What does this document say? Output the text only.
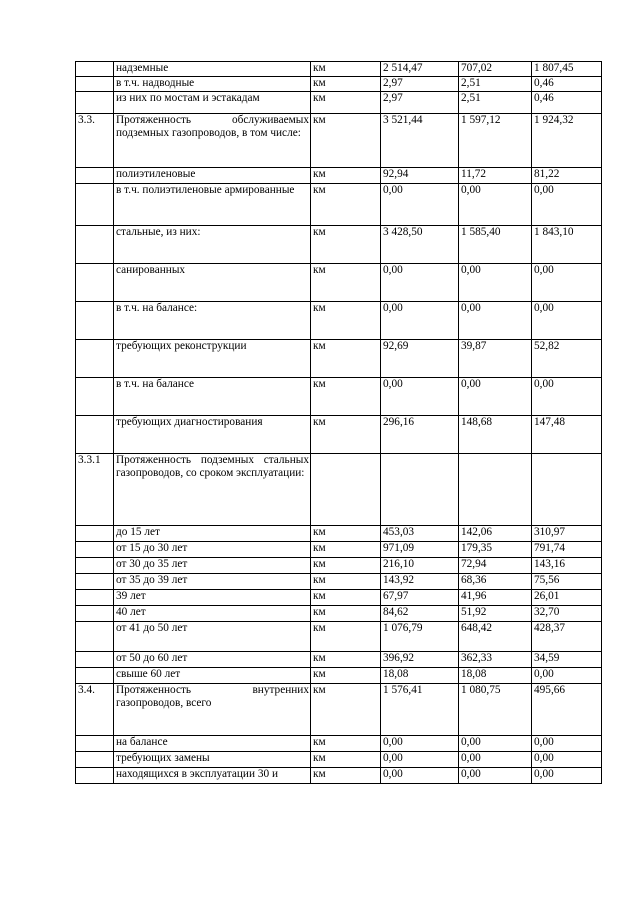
	надземные	км	2 514,47	707,02	1 807,45
	в т.ч. надводные	км	2,97	2,51	0,46
	из них по мостам и эстакадам	км	2,97	2,51	0,46
3.3.	Протяженность обслуживаемых подземных газопроводов, в том числе:	км	3 521,44	1 597,12	1 924,32
	полиэтиленовые	км	92,94	11,72	81,22
	в т.ч. полиэтиленовые армированные	км	0,00	0,00	0,00
	стальные, из них:	км	3 428,50	1 585,40	1 843,10
	санированных	км	0,00	0,00	0,00
	в т.ч. на балансе:	км	0,00	0,00	0,00
	требующих реконструкции	км	92,69	39,87	52,82
	в т.ч. на балансе	км	0,00	0,00	0,00
	требующих диагностирования	км	296,16	148,68	147,48
3.3.1	Протяженность подземных стальных газопроводов, со сроком эксплуатации:				
	до 15 лет	км	453,03	142,06	310,97
	от 15 до 30 лет	км	971,09	179,35	791,74
	от 30 до 35 лет	км	216,10	72,94	143,16
	от 35 до 39 лет	км	143,92	68,36	75,56
	39 лет	км	67,97	41,96	26,01
	40 лет	км	84,62	51,92	32,70
	от 41 до 50 лет	км	1 076,79	648,42	428,37
	от 50 до 60 лет	км	396,92	362,33	34,59
	свыше 60 лет	км	18,08	18,08	0,00
3.4.	Протяженность внутренних газопроводов, всего	км	1 576,41	1 080,75	495,66
	на балансе	км	0,00	0,00	0,00
	требующих замены	км	0,00	0,00	0,00
	находящихся в эксплуатации 30 и	км	0,00	0,00	0,00
